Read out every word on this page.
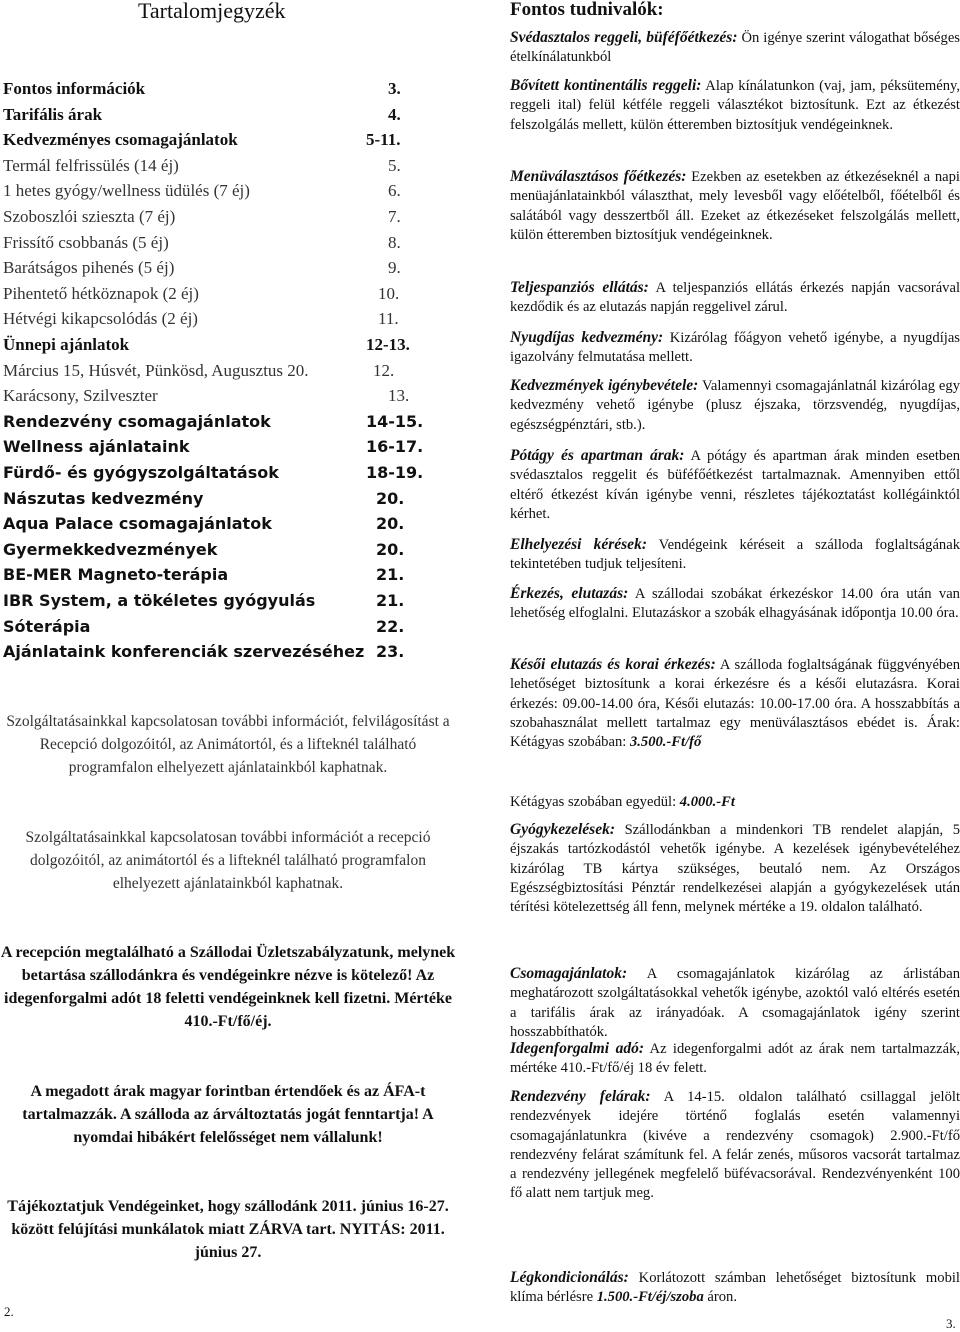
Tartalomjegyzék
Fontos információk	3.
Tarifális árak	4.
Kedvezményes csomagajánlatok	5-11.
Termál felfrissülés (14 éj)	5.
1 hetes gyógy/wellness üdülés (7 éj)	6.
Szoboszlói szieszta (7 éj)	7.
Frissítő csobbanás (5 éj)	8.
Barátságos pihenés (5 éj)	9.
Pihentető hétköznapok (2 éj)	10.
Hétvégi kikapcsolódás (2 éj)	11.
Ünnepi ajánlatok	12-13.
Március 15, Húsvét, Pünkösd, Augusztus 20.	12.
Karácsony, Szilveszter	13.
Rendezvény csomagajánlatok	14-15.
Wellness ajánlataink	16-17.
Fürdő- és gyógyszolgáltatások	18-19.
Nászutas kedvezmény	20.
Aqua Palace csomagajánlatok	20.
Gyermekkedvezmények	20.
BE-MER Magneto-terápia	21.
IBR System, a tökéletes gyógyulás	21.
Sóterápia	22.
Ajánlataink konferenciák szervezéséhez 23.

Szolgáltatásainkkal kapcsolatosan további információt, felvilágosítást a Recepció dolgozóitól, az Animátortól, és a lifteknél található programfalon elhelyezett ajánlatainkból kaphatnak.

Szolgáltatásainkkal kapcsolatosan további információt a recepció dolgozóitól, az animátortól és a lifteknél található programfalon elhelyezett ajánlatainkból kaphatnak.

A recepción megtalálható a Szállodai Üzletszabályzatunk, melynek betartása szállodánkra és vendégeinkre nézve is kötelező! Az idegenforgalmi adót 18 feletti vendégeinknek kell fizetni. Mértéke 410.-Ft/fő/éj.

A megadott árak magyar forintban értendőek és az ÁFA-t tartalmazzák. A szálloda az árváltoztatás jogát fenntartja! A nyomdai hibákért felelősséget nem vállalunk!

Tájékoztatjuk Vendégeinket, hogy szállodánk 2011. június 16-27. között felújítási munkálatok miatt ZÁRVA tart. NYITÁS: 2011. június 27.

2.
Fontos tudnivalók:

Svédasztalos reggeli, büféfőétkezés: Ön igénye szerint válogathat bőséges ételkínálatunkból

Bővített kontinentális reggeli: Alap kínálatunkon (vaj, jam, péksütemény, reggeli ital) felül kétféle reggeli választékot biztosítunk. Ezt az étkezést felszolgálás mellett, külön étteremben biztosítjuk vendégeinknek.

Menüválasztásos főétkezés: Ezekben az esetekben az étkezéseknél a napi menüajánlatainkból választhat, mely levesből vagy előételből, főételből és salátából vagy desszertből áll. Ezeket az étkezéseket felszolgálás mellett, külön étteremben biztosítjuk vendégeinknek.

Teljespanziós ellátás: A teljespanziós ellátás érkezés napján vacsorával kezdődik és az elutazás napján reggelivel zárul.

Nyugdíjas kedvezmény: Kizárólag főágyon vehető igénybe, a nyugdíjas igazolvány felmutatása mellett.

Kedvezmények igénybevétele: Valamennyi csomagajánlatnál kizárólag egy kedvezmény vehető igénybe (plusz éjszaka, törzsvendég, nyugdíjas, egészségpénztári, stb.).

Pótágy és apartman árak: A pótágy és apartman árak minden esetben svédasztalos reggelit és büféfőétkezést tartalmaznak. Amennyiben ettől eltérő étkezést kíván igénybe venni, részletes tájékoztatást kollégáinktól kérhet.

Elhelyezési kérések: Vendégeink kéréseit a szálloda foglaltságának tekintetében tudjuk teljesíteni.

Érkezés, elutazás: A szállodai szobákat érkezéskor 14.00 óra után van lehetőség elfoglalni. Elutazáskor a szobák elhagyásának időpontja 10.00 óra.

Késői elutazás és korai érkezés: A szálloda foglaltságának függvényében lehetőséget biztosítunk a korai érkezésre és a késői elutazásra. Korai érkezés: 09.00-14.00 óra, Késői elutazás: 10.00-17.00 óra. A hosszabbítás a szobahasználat mellett tartalmaz egy menüválasztásos ebédet is. Árak: Kétágyas szobában: 3.500.-Ft/fő

Kétágyas szobában egyedül: 4.000.-Ft

Gyógykezelések: Szállodánkban a mindenkori TB rendelet alapján, 5 éjszakás tartózkodástól vehetők igénybe. A kezelések igénybevételéhez kizárólag TB kártya szükséges, beutaló nem. Az Országos Egészségbiztosítási Pénztár rendelkezései alapján a gyógykezelések után térítési kötelezettség áll fenn, melynek mértéke a 19. oldalon található.

Csomagajánlatok: A csomagajánlatok kizárólag az árlistában meghatározott szolgáltatásokkal vehetők igénybe, azoktól való eltérés esetén a tarifális árak az irányadóak. A csomagajánlatok igény szerint hosszabbíthatók.

Idegenforgalmi adó: Az idegenforgalmi adót az árak nem tartalmazzák, mértéke 410.-Ft/fő/éj 18 év felett.

Rendezvény felárak: A 14-15. oldalon található csillaggal jelölt rendezvények idejére történő foglalás esetén valamennyi csomagajánlatunkra (kivéve a rendezvény csomagok) 2.900.-Ft/fő rendezvény felárat számítunk fel. A felár zenés, műsoros vacsorát tartalmaz a rendezvény jellegének megfelelő büfévacsorával. Rendezvényenként 100 fő alatt nem tartjuk meg.

Légkondicionálás: Korlátozott számban lehetőséget biztosítunk mobil klíma bérlésre 1.500.-Ft/éj/szoba áron.

3.
